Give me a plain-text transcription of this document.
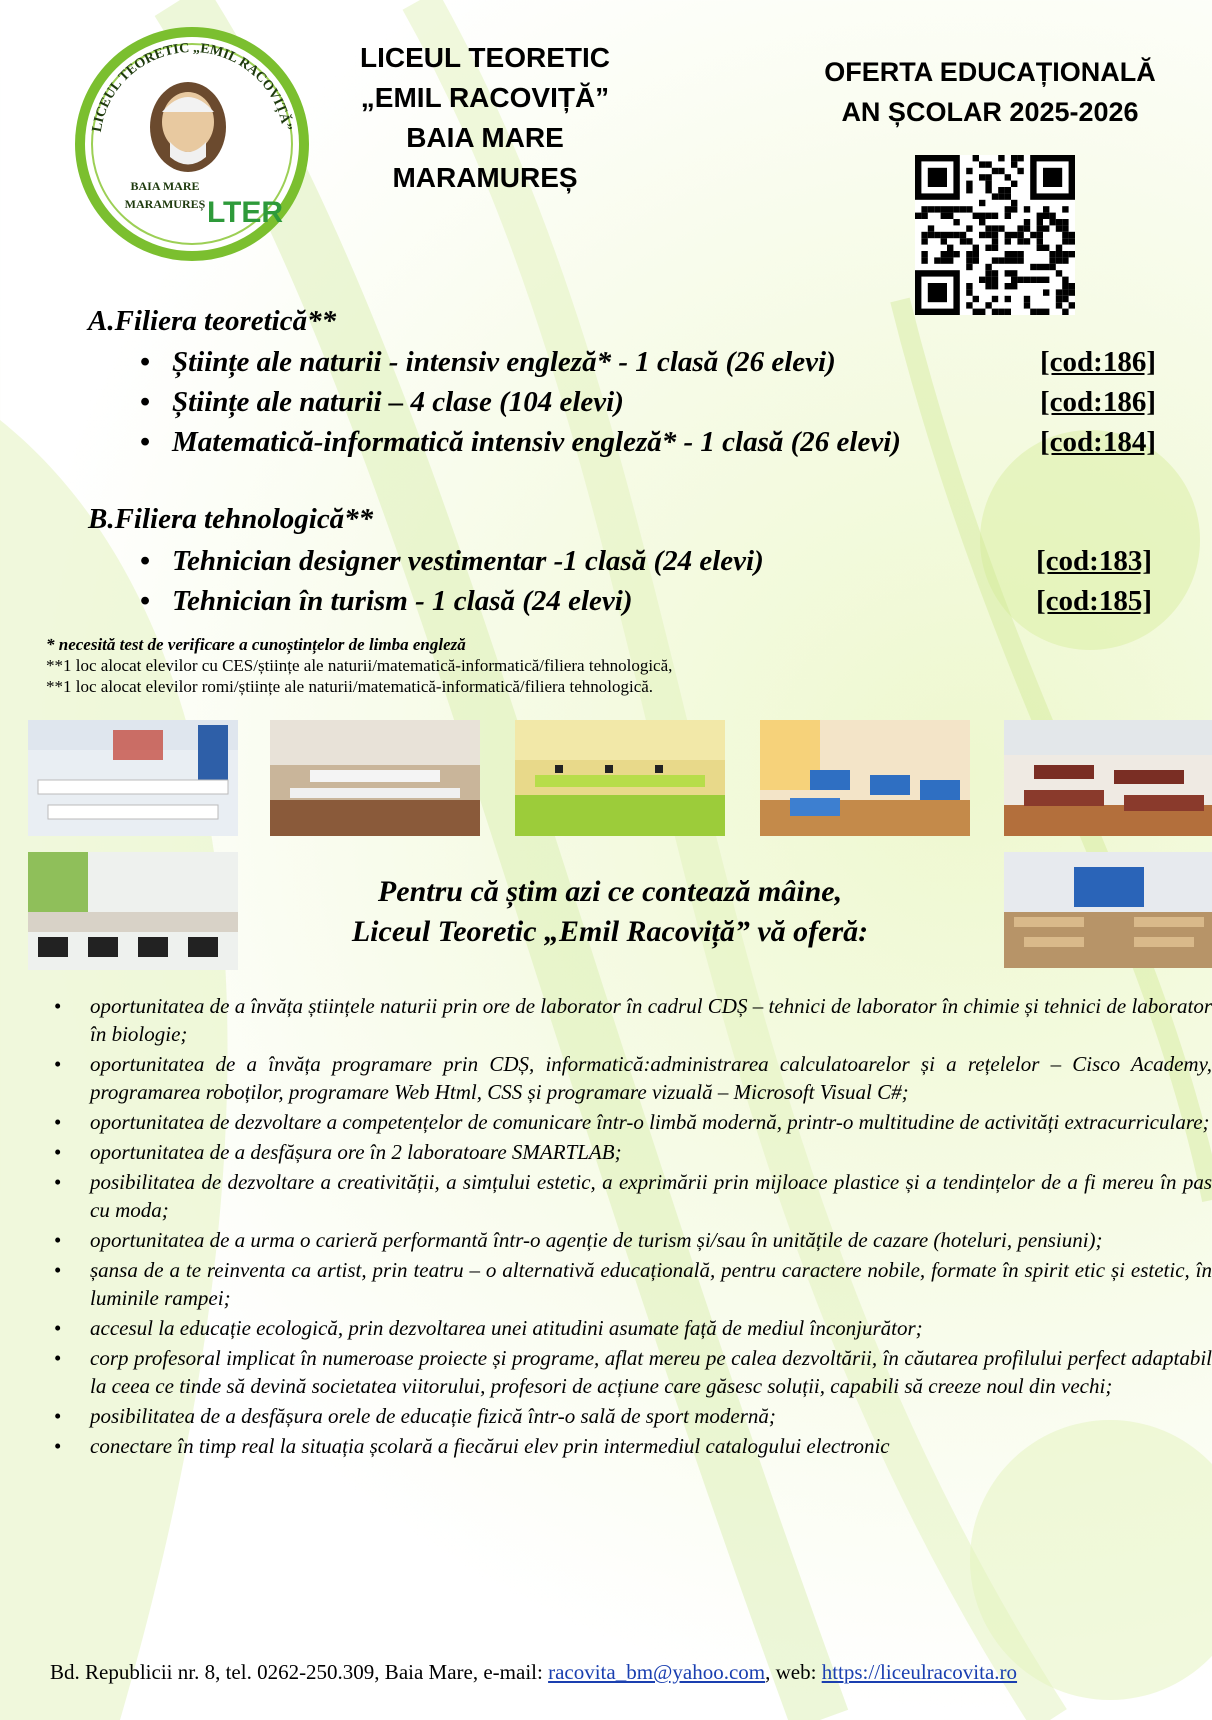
LICEUL TEORETIC „EMIL RACOVIȚĂ”
BAIA MARE
MARAMUREȘ LTER
LICEUL TEORETIC
„EMIL RACOVIȚĂ”
BAIA MARE
MARAMUREȘ
OFERTA EDUCAȚIONALĂ
AN ȘCOLAR 2025-2026
A.Filiera teoretică**
• Științe ale naturii - intensiv engleză* - 1 clasă (26 elevi)	[cod:186]
• Științe ale naturii – 4 clase (104 elevi)	[cod:186]
• Matematică-informatică intensiv engleză* - 1 clasă (26 elevi)	[cod:184]
B.Filiera tehnologică**
• Tehnician designer vestimentar -1 clasă (24 elevi)	[cod:183]
• Tehnician în turism - 1 clasă (24 elevi)	[cod:185]
* necesită test de verificare a cunoștințelor de limba engleză
**1 loc alocat elevilor cu CES/științe ale naturii/matematică-informatică/filiera tehnologică,
**1 loc alocat elevilor romi/științe ale naturii/matematică-informatică/filiera tehnologică.
Pentru că știm azi ce contează mâine,
Liceul Teoretic „Emil Racoviță” vă oferă:
• oportunitatea de a învăța științele naturii prin ore de laborator în cadrul CDȘ – tehnici de laborator în chimie și tehnici de laborator în biologie;
• oportunitatea de a învăța programare prin CDȘ, informatică:administrarea calculatoarelor și a rețelelor – Cisco Academy, programarea roboților, programare Web Html, CSS și programare vizuală – Microsoft Visual C#;
• oportunitatea de dezvoltare a competențelor de comunicare într-o limbă modernă, printr-o multitudine de activități extracurriculare;
• oportunitatea de a desfășura ore în 2 laboratoare SMARTLAB;
• posibilitatea de dezvoltare a creativității, a simțului estetic, a exprimării prin mijloace plastice și a tendințelor de a fi mereu în pas cu moda;
• oportunitatea de a urma o carieră performantă într-o agenție de turism și/sau în unitățile de cazare (hoteluri, pensiuni);
• șansa de a te reinventa ca artist, prin teatru – o alternativă educațională, pentru caractere nobile, formate în spirit etic și estetic, în luminile rampei;
• accesul la educație ecologică, prin dezvoltarea unei atitudini asumate față de mediul înconjurător;
• corp profesoral implicat în numeroase proiecte și programe, aflat mereu pe calea dezvoltării, în căutarea profilului perfect adaptabil la ceea ce tinde să devină societatea viitorului, profesori de acțiune care găsesc soluții, capabili să creeze noul din vechi;
• posibilitatea de a desfășura orele de educație fizică într-o sală de sport modernă;
• conectare în timp real la situația școlară a fiecărui elev prin intermediul catalogului electronic
Bd. Republicii nr. 8, tel. 0262-250.309, Baia Mare, e-mail: racovita_bm@yahoo.com, web: https://liceulracovita.ro
